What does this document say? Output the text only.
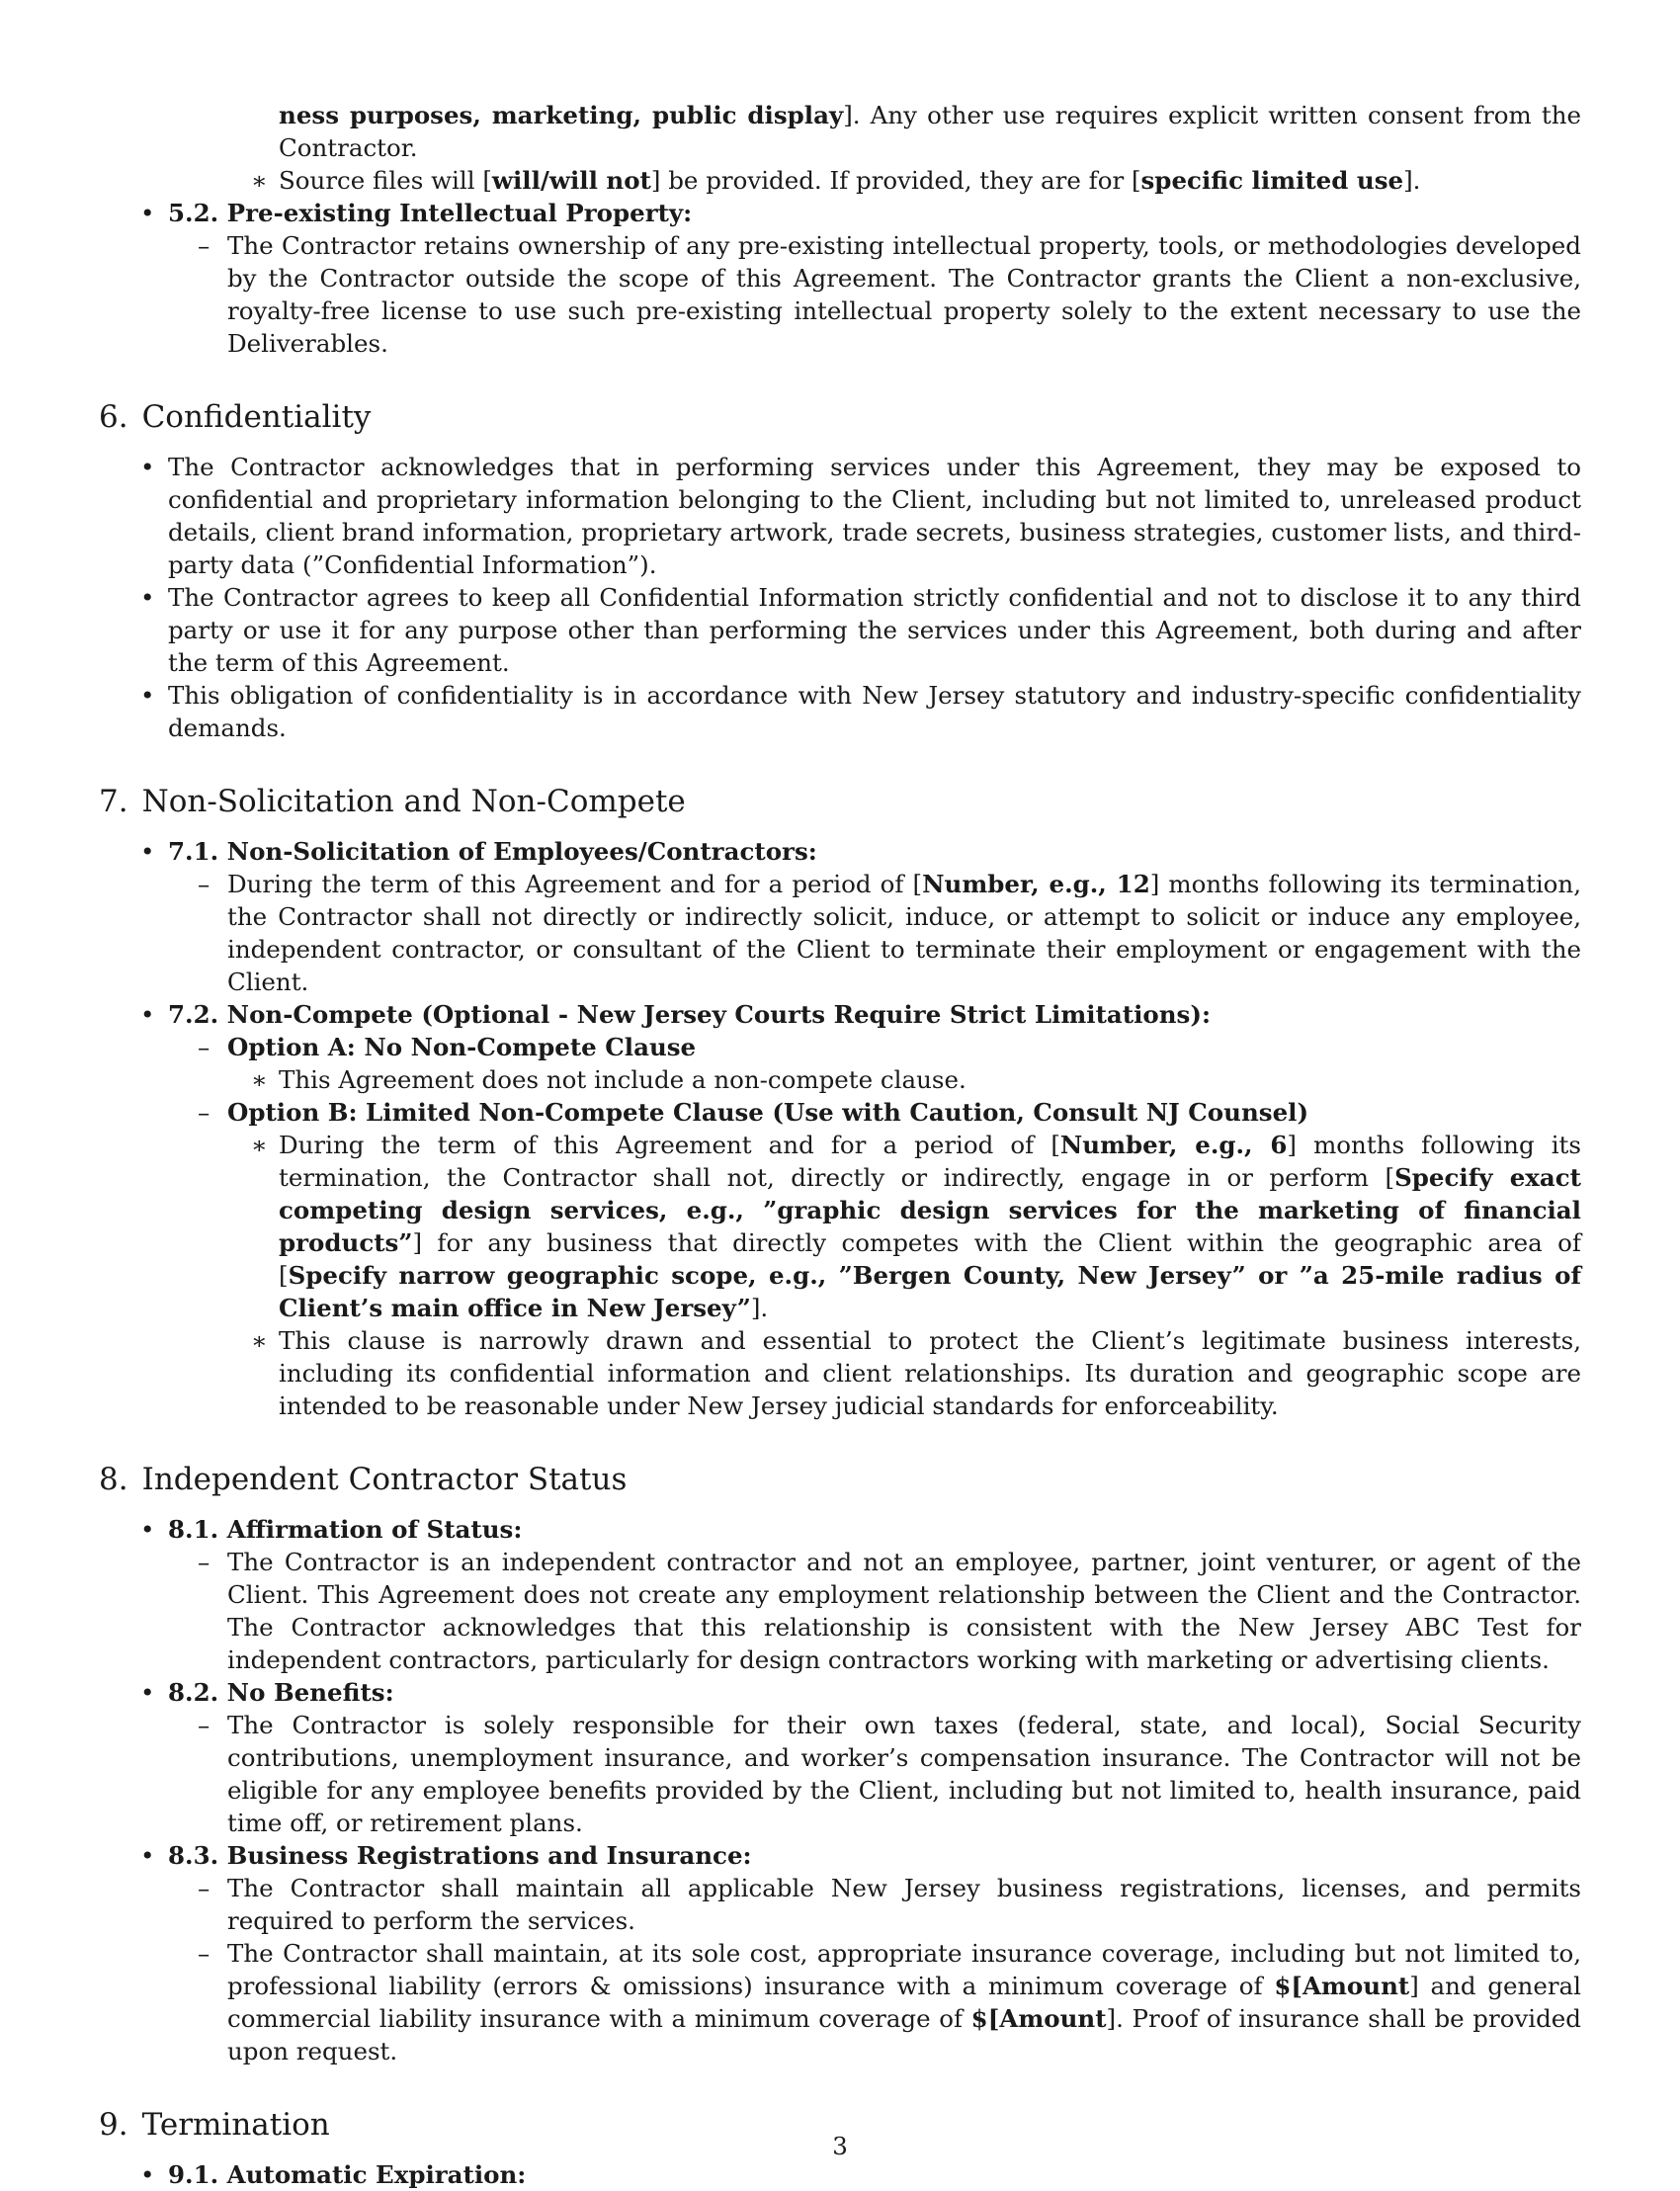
ness purposes, marketing, public display]. Any other use requires explicit written consent from the Contractor.

∗ Source files will [will/will not] be provided. If provided, they are for [specific limited use].

• 5.2. Pre-existing Intellectual Property:

– The Contractor retains ownership of any pre-existing intellectual property, tools, or methodologies developed by the Contractor outside the scope of this Agreement. The Contractor grants the Client a non-exclusive, royalty-free license to use such pre-existing intellectual property solely to the extent necessary to use the Deliverables.

6. Confidentiality
• The Contractor acknowledges that in performing services under this Agreement, they may be exposed to confidential and proprietary information belonging to the Client, including but not limited to, unreleased product details, client brand information, proprietary artwork, trade secrets, business strategies, customer lists, and third-party data (”Confidential Information”).

• The Contractor agrees to keep all Confidential Information strictly confidential and not to disclose it to any third party or use it for any purpose other than performing the services under this Agreement, both during and after the term of this Agreement.

• This obligation of confidentiality is in accordance with New Jersey statutory and industry-specific confidentiality demands.

7. Non-Solicitation and Non-Compete
• 7.1. Non-Solicitation of Employees/Contractors:

– During the term of this Agreement and for a period of [Number, e.g., 12] months following its termination, the Contractor shall not directly or indirectly solicit, induce, or attempt to solicit or induce any employee, independent contractor, or consultant of the Client to terminate their employment or engagement with the Client.

• 7.2. Non-Compete (Optional - New Jersey Courts Require Strict Limitations):

– Option A: No Non-Compete Clause

∗ This Agreement does not include a non-compete clause.

– Option B: Limited Non-Compete Clause (Use with Caution, Consult NJ Counsel)

∗ During the term of this Agreement and for a period of [Number, e.g., 6] months following its termination, the Contractor shall not, directly or indirectly, engage in or perform [Specify exact competing design services, e.g., ”graphic design services for the marketing of financial products”] for any business that directly competes with the Client within the geographic area of [Specify narrow geographic scope, e.g., ”Bergen County, New Jersey” or ”a 25-mile radius of Client’s main office in New Jersey”].

∗ This clause is narrowly drawn and essential to protect the Client’s legitimate business interests, including its confidential information and client relationships. Its duration and geographic scope are intended to be reasonable under New Jersey judicial standards for enforceability.

8. Independent Contractor Status
• 8.1. Affirmation of Status:

– The Contractor is an independent contractor and not an employee, partner, joint venturer, or agent of the Client. This Agreement does not create any employment relationship between the Client and the Contractor. The Contractor acknowledges that this relationship is consistent with the New Jersey ABC Test for independent contractors, particularly for design contractors working with marketing or advertising clients.

• 8.2. No Benefits:

– The Contractor is solely responsible for their own taxes (federal, state, and local), Social Security contributions, unemployment insurance, and worker’s compensation insurance. The Contractor will not be eligible for any employee benefits provided by the Client, including but not limited to, health insurance, paid time off, or retirement plans.

• 8.3. Business Registrations and Insurance:

– The Contractor shall maintain all applicable New Jersey business registrations, licenses, and permits required to perform the services.

– The Contractor shall maintain, at its sole cost, appropriate insurance coverage, including but not limited to, professional liability (errors & omissions) insurance with a minimum coverage of $[Amount] and general commercial liability insurance with a minimum coverage of $[Amount]. Proof of insurance shall be provided upon request.

9. Termination
• 9.1. Automatic Expiration:

3
